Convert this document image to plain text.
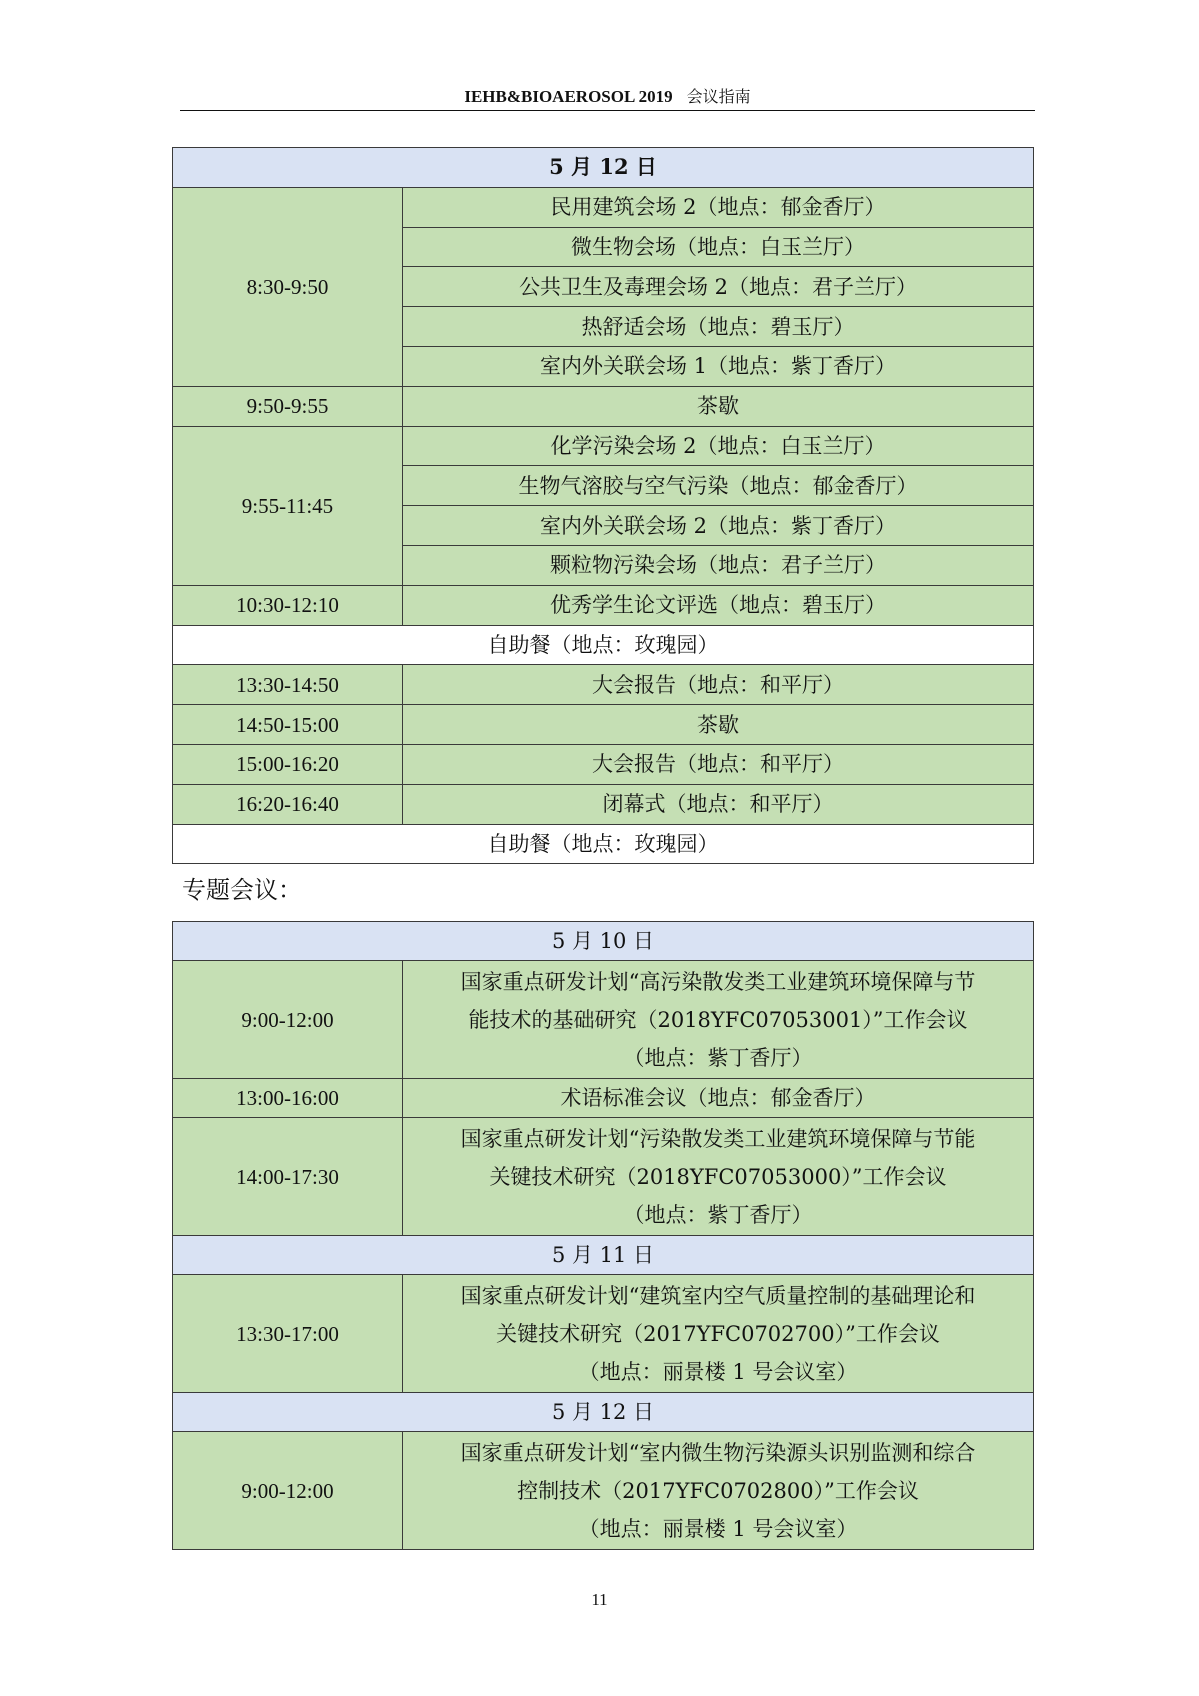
IEHB&BIOAEROSOL 2019 会议指南
5 月 12 日	
8:30-9:50	民用建筑会场 2（地点：郁金香厅）
	微生物会场（地点：白玉兰厅）
	公共卫生及毒理会场 2（地点：君子兰厅）
	热舒适会场（地点：碧玉厅）
	室内外关联会场 1（地点：紫丁香厅）
9:50-9:55	茶歇
9:55-11:45	化学污染会场 2（地点：白玉兰厅）
	生物气溶胶与空气污染（地点：郁金香厅）
	室内外关联会场 2（地点：紫丁香厅）
	颗粒物污染会场（地点：君子兰厅）
10:30-12:10	优秀学生论文评选（地点：碧玉厅）
自助餐（地点：玫瑰园）	
13:30-14:50	大会报告（地点：和平厅）
14:50-15:00	茶歇
15:00-16:20	大会报告（地点：和平厅）
16:20-16:40	闭幕式（地点：和平厅）
自助餐（地点：玫瑰园）	
专题会议：
5 月 10 日	
9:00-12:00	国家重点研发计划“高污染散发类工业建筑环境保障与节
能技术的基础研究（2018YFC07053001）”工作会议
（地点：紫丁香厅）

13:00-16:00	术语标准会议（地点：郁金香厅）
14:00-17:30	国家重点研发计划“污染散发类工业建筑环境保障与节能
关键技术研究（2018YFC07053000）”工作会议
（地点：紫丁香厅）

5 月 11 日	
13:30-17:00	国家重点研发计划“建筑室内空气质量控制的基础理论和
关键技术研究（2017YFC0702700）”工作会议
（地点：丽景楼 1 号会议室）

5 月 12 日	
9:00-12:00	国家重点研发计划“室内微生物污染源头识别监测和综合
控制技术（2017YFC0702800）”工作会议
（地点：丽景楼 1 号会议室）
11
